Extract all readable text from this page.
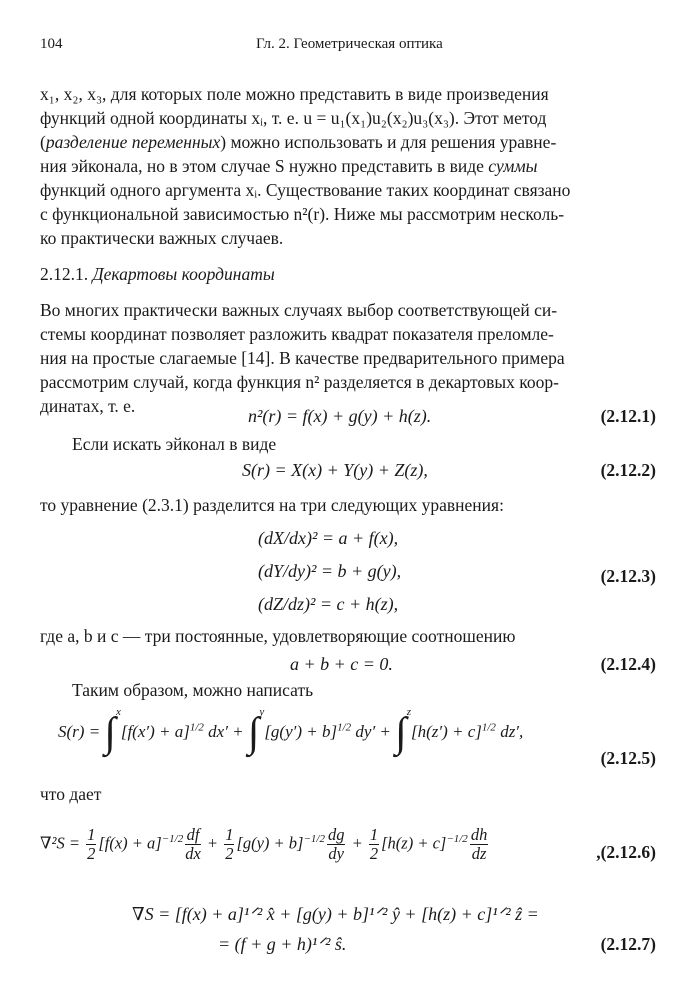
104	Гл. 2. Геометрическая оптика
x₁, x₂, x₃, для которых поле можно представить в виде произведения
функций одной координаты xᵢ, т. е. u = u₁(x₁)u₂(x₂)u₃(x₃). Этот метод
(разделение переменных) можно использовать и для решения уравне-
ния эйконала, но в этом случае S нужно представить в виде суммы
функций одного аргумента xᵢ. Существование таких координат связано
с функциональной зависимостью n²(r). Ниже мы рассмотрим несколь-
ко практически важных случаев.
2.12.1. Декартовы координаты
Во многих практически важных случаях выбор соответствующей си-
стемы координат позволяет разложить квадрат показателя преломле-
ния на простые слагаемые [14]. В качестве предварительного примера
рассмотрим случай, когда функция n² разделяется в декартовых коор-
динатах, т. е.	n²(r) = f(x) + g(y) + h(z).	(2.12.1)
Если искать эйконал в виде
S(r) = X(x) + Y(y) + Z(z),	(2.12.2)
то уравнение (2.3.1) разделится на три следующих уравнения:
(dX/dx)² = a + f(x),
(dY/dy)² = b + g(y),
(dZ/dz)² = c + h(z),
(2.12.3)
где a, b и c — три постоянные, удовлетворяющие соотношению
a + b + c = 0.	(2.12.4)
Таким образом, можно написать
$S(r) = \int^x[f(x') + a]^{1/2}$ $dx' + \int^y[g(y') + b]^{1/2}$ $dy' + \int^z[h(z') + c]^{1/2}$ dz′,
(2.12.5)
что дает
$\nabla^2S = \frac{1}{2} [f(x) + a]^{-1/2} \frac{df}{dx} + \frac{1}{2} [g(y) + b]^{-1/2} \frac{dg}{dy} + \frac{1}{2} [h(z) + c]^{-1/2} \frac{dh}{dz}$	,(2.12.6)
∇S = [f(x) + a]¹ᐟ² x̂ + [g(y) + b]¹ᐟ² ŷ + [h(z) + c]¹ᐟ² ẑ =
= (f + g + h)¹ᐟ² ŝ.	(2.12.7)
